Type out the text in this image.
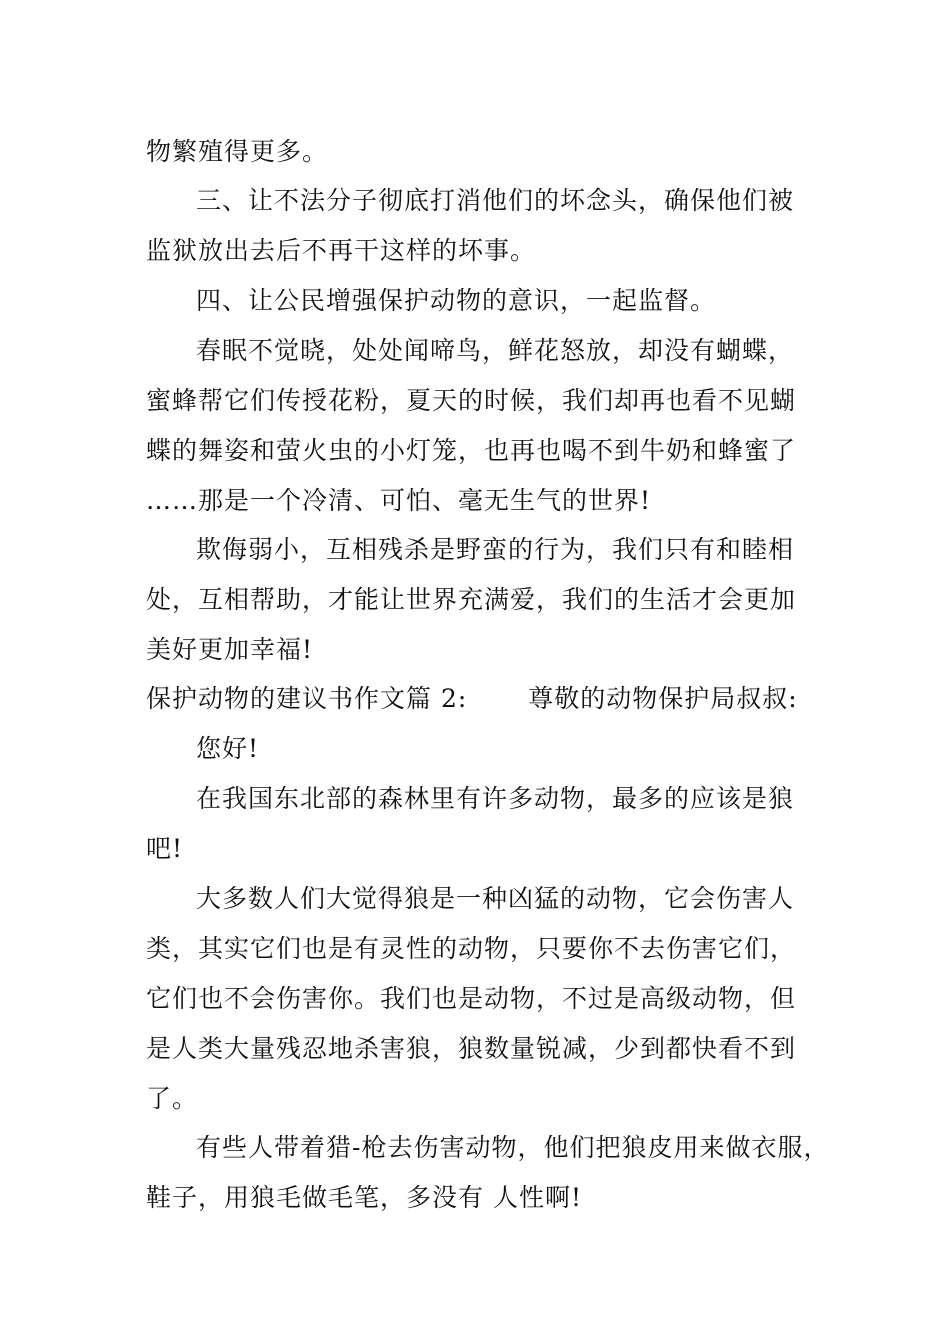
物繁殖得更多。
三、让不法分子彻底打消他们的坏念头，确保他们被
监狱放出去后不再干这样的坏事。
四、让公民增强保护动物的意识，一起监督。
春眠不觉晓，处处闻啼鸟，鲜花怒放，却没有蝴蝶，
蜜蜂帮它们传授花粉，夏天的时候，我们却再也看不见蝴
蝶的舞姿和萤火虫的小灯笼，也再也喝不到牛奶和蜂蜜了
……那是一个冷清、可怕、毫无生气的世界!
欺侮弱小，互相残杀是野蛮的行为，我们只有和睦相
处，互相帮助，才能让世界充满爱，我们的生活才会更加
美好更加幸福!
保护动物的建议书作文篇 2:　　 尊敬的动物保护局叔叔:
您好!
在我国东北部的森林里有许多动物，最多的应该是狼
吧!
大多数人们大觉得狼是一种凶猛的动物，它会伤害人
类，其实它们也是有灵性的动物，只要你不去伤害它们，
它们也不会伤害你。我们也是动物，不过是高级动物，但
是人类大量残忍地杀害狼，狼数量锐减，少到都快看不到
了。
有些人带着猎-枪去伤害动物，他们把狼皮用来做衣服，
鞋子，用狼毛做毛笔，多没有 人性啊!
